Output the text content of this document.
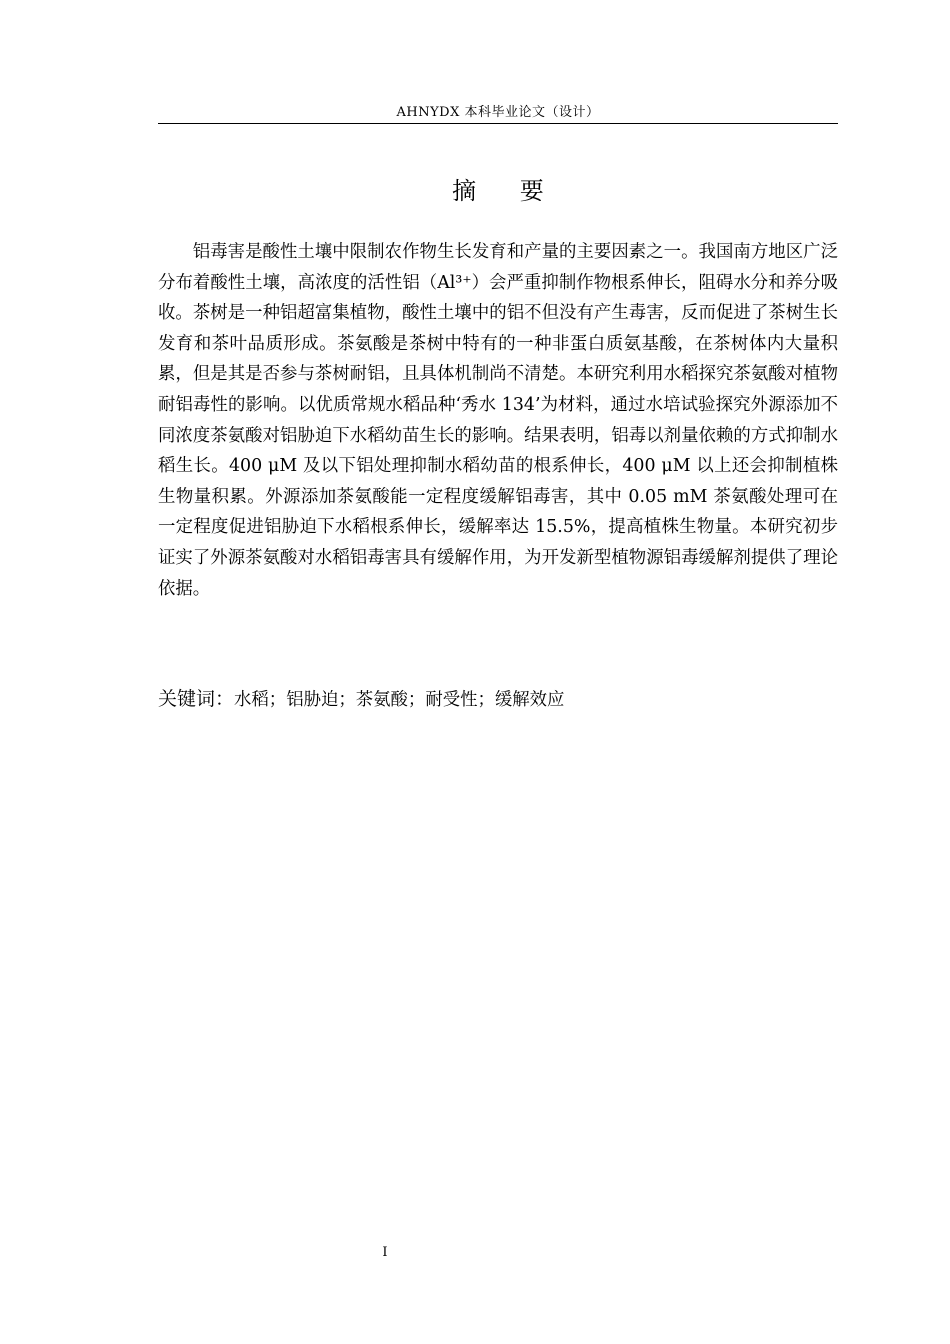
AHNYDX 本科毕业论文（设计）
摘 要

铝毒害是酸性土壤中限制农作物生长发育和产量的主要因素之一。我国南方地区广泛分布着酸性土壤，高浓度的活性铝（Al³⁺）会严重抑制作物根系伸长，阻碍水分和养分吸收。茶树是一种铝超富集植物，酸性土壤中的铝不但没有产生毒害，反而促进了茶树生长发育和茶叶品质形成。茶氨酸是茶树中特有的一种非蛋白质氨基酸，在茶树体内大量积累，但是其是否参与茶树耐铝，且具体机制尚不清楚。本研究利用水稻探究茶氨酸对植物耐铝毒性的影响。以优质常规水稻品种‘秀水 134’为材料，通过水培试验探究外源添加不同浓度茶氨酸对铝胁迫下水稻幼苗生长的影响。结果表明，铝毒以剂量依赖的方式抑制水稻生长。400 μM 及以下铝处理抑制水稻幼苗的根系伸长，400 μM 以上还会抑制植株生物量积累。外源添加茶氨酸能一定程度缓解铝毒害，其中 0.05 mM 茶氨酸处理可在一定程度促进铝胁迫下水稻根系伸长，缓解率达 15.5%，提高植株生物量。本研究初步证实了外源茶氨酸对水稻铝毒害具有缓解作用，为开发新型植物源铝毒缓解剂提供了理论依据。

关键词：水稻；铝胁迫；茶氨酸；耐受性；缓解效应
I
